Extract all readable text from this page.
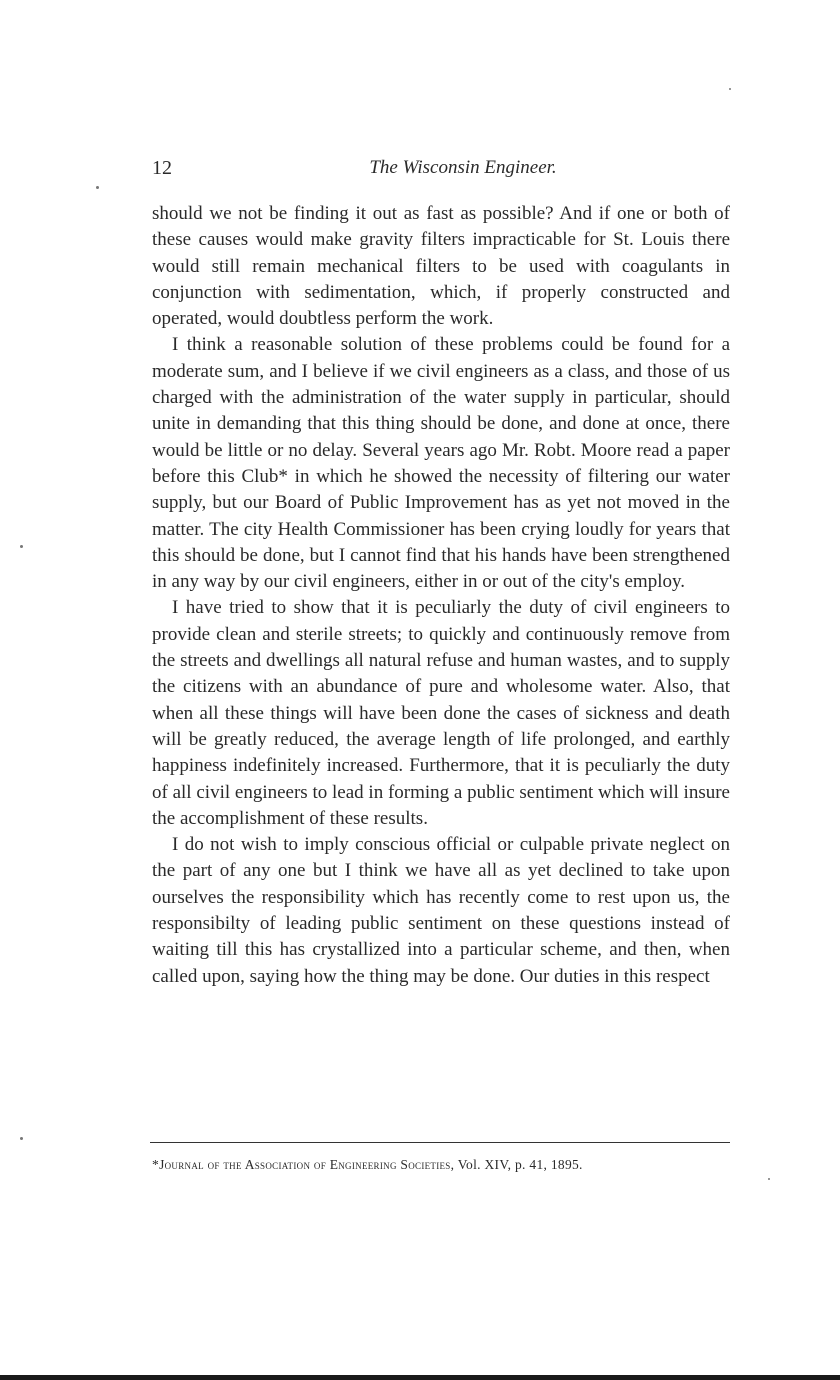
12	The Wisconsin Engineer.

should we not be finding it out as fast as possible? And if one or both of these causes would make gravity filters impracticable for St. Louis there would still remain mechanical filters to be used with coagulants in conjunction with sedimentation, which, if properly constructed and operated, would doubtless perform the work.

I think a reasonable solution of these problems could be found for a moderate sum, and I believe if we civil engineers as a class, and those of us charged with the administration of the water supply in particular, should unite in demanding that this thing should be done, and done at once, there would be little or no delay. Several years ago Mr. Robt. Moore read a paper before this Club* in which he showed the necessity of filtering our water supply, but our Board of Public Improvement has as yet not moved in the matter. The city Health Commissioner has been crying loudly for years that this should be done, but I cannot find that his hands have been strengthened in any way by our civil engineers, either in or out of the city's employ.

I have tried to show that it is peculiarly the duty of civil engineers to provide clean and sterile streets; to quickly and continuously remove from the streets and dwellings all natural refuse and human wastes, and to supply the citizens with an abundance of pure and wholesome water. Also, that when all these things will have been done the cases of sickness and death will be greatly reduced, the average length of life prolonged, and earthly happiness indefinitely increased. Furthermore, that it is peculiarly the duty of all civil engineers to lead in forming a public sentiment which will insure the accomplishment of these results.

I do not wish to imply conscious official or culpable private neglect on the part of any one but I think we have all as yet declined to take upon ourselves the responsibility which has recently come to rest upon us, the responsibilty of leading public sentiment on these questions instead of waiting till this has crystallized into a particular scheme, and then, when called upon, saying how the thing may be done. Our duties in this respect

*Journal of the Association of Engineering Societies, Vol. XIV, p. 41, 1895.
